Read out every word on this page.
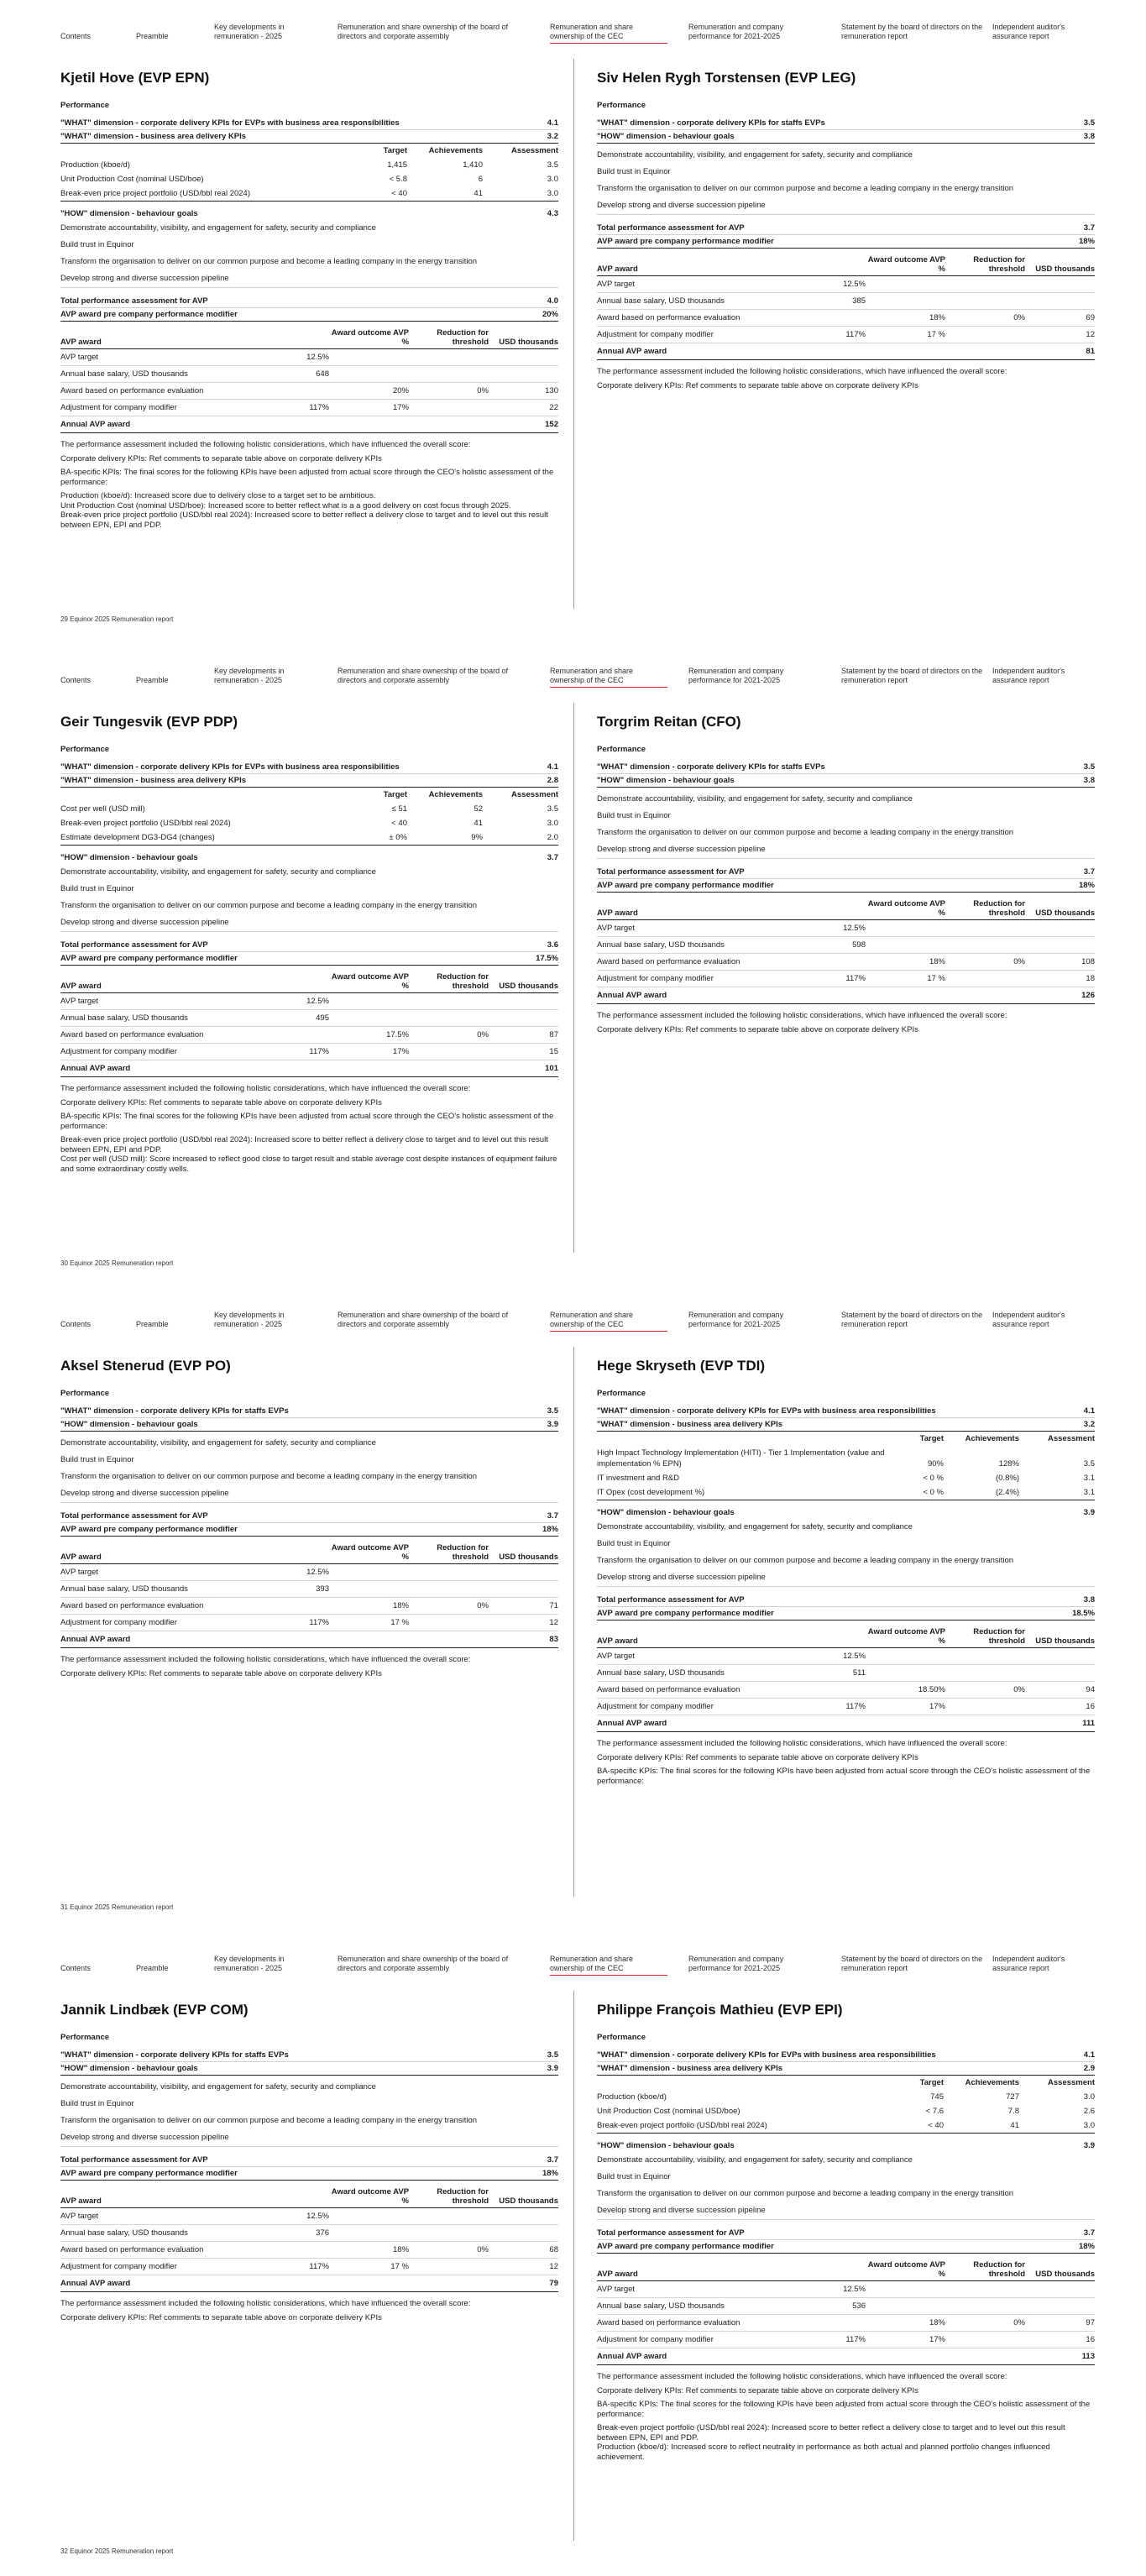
Contents	Preamble
Key developments in remuneration - 2025
Remuneration and share ownership of the board of directors and corporate assembly
Remuneration and share ownership of the CEC
Remuneration and company performance for 2021-2025
Statement by the board of directors on the remuneration report
Independent auditor's assurance report
Kjetil Hove (EVP EPN)
Performance
"WHAT" dimension - corporate delivery KPIs for EVPs with business area responsibilities	4.1
"WHAT" dimension - business area delivery KPIs	3.2
	Target	Achievements	Assessment
Production (kboe/d)	1,415	1,410	3.5
Unit Production Cost (nominal USD/boe)	< 5.8	6	3.0
Break-even price project portfolio (USD/bbl real 2024)	< 40	41	3.0
"HOW" dimension - behaviour goals	4.3
Demonstrate accountability, visibility, and engagement for safety, security and compliance
Build trust in Equinor
Transform the organisation to deliver on our common purpose and become a leading company in the energy transition
Develop strong and diverse succession pipeline
Total performance assessment for AVP	4.0
AVP award pre company performance modifier	20%
AVP award		Award outcome AVP %	Reduction for threshold	USD thousands
AVP target	12.5%			
Annual base salary, USD thousands	648			
Award based on performance evaluation		20%	0%	130
Adjustment for company modifier	117%	17%		22
Annual AVP award				152

The performance assessment included the following holistic considerations, which have influenced the overall score:

Corporate delivery KPIs: Ref comments to separate table above on corporate delivery KPIs

BA-specific KPIs: The final scores for the following KPIs have been adjusted from actual score through the CEO's holistic assessment of the performance:

Production (kboe/d): Increased score due to delivery close to a target set to be ambitious.

Unit Production Cost (nominal USD/boe): Increased score to better reflect what is a a good delivery on cost focus through 2025.

Break-even price project portfolio (USD/bbl real 2024): Increased score to better reflect a delivery close to target and to level out this result between EPN, EPI and PDP.

Siv Helen Rygh Torstensen (EVP LEG)
Performance
"WHAT" dimension - corporate delivery KPIs for staffs EVPs	3.5
"HOW" dimension - behaviour goals	3.8
Demonstrate accountability, visibility, and engagement for safety, security and compliance
Build trust in Equinor
Transform the organisation to deliver on our common purpose and become a leading company in the energy transition
Develop strong and diverse succession pipeline
Total performance assessment for AVP	3.7
AVP award pre company performance modifier	18%
AVP award		Award outcome AVP %	Reduction for threshold	USD thousands
AVP target	12.5%			
Annual base salary, USD thousands	385			
Award based on performance evaluation		18%	0%	69
Adjustment for company modifier	117%	17 %		12
Annual AVP award				81

The performance assessment included the following holistic considerations, which have influenced the overall score:

Corporate delivery KPIs: Ref comments to separate table above on corporate delivery KPIs

29 Equinor 2025 Remuneration report
Contents	Preamble
Key developments in remuneration - 2025
Remuneration and share ownership of the board of directors and corporate assembly
Remuneration and share ownership of the CEC
Remuneration and company performance for 2021-2025
Statement by the board of directors on the remuneration report
Independent auditor's assurance report
Geir Tungesvik (EVP PDP)
Performance
"WHAT" dimension - corporate delivery KPIs for EVPs with business area responsibilities	4.1
"WHAT" dimension - business area delivery KPIs	2.8
	Target	Achievements	Assessment
Cost per well (USD mill)	≤ 51	52	3.5
Break-even project portfolio (USD/bbl real 2024)	< 40	41	3.0
Estimate development DG3-DG4 (changes)	± 0%	9%	2.0
"HOW" dimension - behaviour goals	3.7
Demonstrate accountability, visibility, and engagement for safety, security and compliance
Build trust in Equinor
Transform the organisation to deliver on our common purpose and become a leading company in the energy transition
Develop strong and diverse succession pipeline
Total performance assessment for AVP	3.6
AVP award pre company performance modifier	17.5%
AVP award		Award outcome AVP %	Reduction for threshold	USD thousands
AVP target	12.5%			
Annual base salary, USD thousands	495			
Award based on performance evaluation		17.5%	0%	87
Adjustment for company modifier	117%	17%		15
Annual AVP award				101

The performance assessment included the following holistic considerations, which have influenced the overall score:

Corporate delivery KPIs: Ref comments to separate table above on corporate delivery KPIs

BA-specific KPIs: The final scores for the following KPIs have been adjusted from actual score through the CEO's holistic assessment of the performance:

Break-even price project portfolio (USD/bbl real 2024): Increased score to better reflect a delivery close to target and to level out this result between EPN, EPI and PDP.

Cost per well (USD mill): Score increased to reflect good close to target result and stable average cost despite instances of equipment failure and some extraordinary costly wells.

Torgrim Reitan (CFO)
Performance
"WHAT" dimension - corporate delivery KPIs for staffs EVPs	3.5
"HOW" dimension - behaviour goals	3.8
Demonstrate accountability, visibility, and engagement for safety, security and compliance
Build trust in Equinor
Transform the organisation to deliver on our common purpose and become a leading company in the energy transition
Develop strong and diverse succession pipeline
Total performance assessment for AVP	3.7
AVP award pre company performance modifier	18%
AVP award		Award outcome AVP %	Reduction for threshold	USD thousands
AVP target	12.5%			
Annual base salary, USD thousands	598			
Award based on performance evaluation		18%	0%	108
Adjustment for company modifier	117%	17 %		18
Annual AVP award				126

The performance assessment included the following holistic considerations, which have influenced the overall score:

Corporate delivery KPIs: Ref comments to separate table above on corporate delivery KPIs

30 Equinor 2025 Remuneration report
Contents	Preamble
Key developments in remuneration - 2025
Remuneration and share ownership of the board of directors and corporate assembly
Remuneration and share ownership of the CEC
Remuneration and company performance for 2021-2025
Statement by the board of directors on the remuneration report
Independent auditor's assurance report
Aksel Stenerud (EVP PO)
Performance
"WHAT" dimension - corporate delivery KPIs for staffs EVPs	3.5
"HOW" dimension - behaviour goals	3.9
Demonstrate accountability, visibility, and engagement for safety, security and compliance
Build trust in Equinor
Transform the organisation to deliver on our common purpose and become a leading company in the energy transition
Develop strong and diverse succession pipeline
Total performance assessment for AVP	3.7
AVP award pre company performance modifier	18%
AVP award		Award outcome AVP %	Reduction for threshold	USD thousands
AVP target	12.5%			
Annual base salary, USD thousands	393			
Award based on performance evaluation		18%	0%	71
Adjustment for company modifier	117%	17 %		12
Annual AVP award				83

The performance assessment included the following holistic considerations, which have influenced the overall score:

Corporate delivery KPIs: Ref comments to separate table above on corporate delivery KPIs

Hege Skryseth (EVP TDI)
Performance
"WHAT" dimension - corporate delivery KPIs for EVPs with business area responsibilities	4.1
"WHAT" dimension - business area delivery KPIs	3.2
	Target	Achievements	Assessment
High Impact Technology Implementation (HITI) - Tier 1 Implementation (value and implementation % EPN)	90%	128%	3.5
IT investment and R&D	< 0 %	(0.8%)	3.1
IT Opex (cost development %)	< 0 %	(2.4%)	3.1
"HOW" dimension - behaviour goals	3.9
Demonstrate accountability, visibility, and engagement for safety, security and compliance
Build trust in Equinor
Transform the organisation to deliver on our common purpose and become a leading company in the energy transition
Develop strong and diverse succession pipeline
Total performance assessment for AVP	3.8
AVP award pre company performance modifier	18.5%
AVP award		Award outcome AVP %	Reduction for threshold	USD thousands
AVP target	12.5%			
Annual base salary, USD thousands	511			
Award based on performance evaluation		18.50%	0%	94
Adjustment for company modifier	117%	17%		16
Annual AVP award				111

The performance assessment included the following holistic considerations, which have influenced the overall score:

Corporate delivery KPIs: Ref comments to separate table above on corporate delivery KPIs

BA-specific KPIs: The final scores for the following KPIs have been adjusted from actual score through the CEO's holistic assessment of the performance:

31 Equinor 2025 Remuneration report
Contents	Preamble
Key developments in remuneration - 2025
Remuneration and share ownership of the board of directors and corporate assembly
Remuneration and share ownership of the CEC
Remuneration and company performance for 2021-2025
Statement by the board of directors on the remuneration report
Independent auditor's assurance report
Jannik Lindbæk (EVP COM)
Performance
"WHAT" dimension - corporate delivery KPIs for staffs EVPs	3.5
"HOW" dimension - behaviour goals	3.9
Demonstrate accountability, visibility, and engagement for safety, security and compliance
Build trust in Equinor
Transform the organisation to deliver on our common purpose and become a leading company in the energy transition
Develop strong and diverse succession pipeline
Total performance assessment for AVP	3.7
AVP award pre company performance modifier	18%
AVP award		Award outcome AVP %	Reduction for threshold	USD thousands
AVP target	12.5%			
Annual base salary, USD thousands	376			
Award based on performance evaluation		18%	0%	68
Adjustment for company modifier	117%	17 %		12
Annual AVP award				79

The performance assessment included the following holistic considerations, which have influenced the overall score:

Corporate delivery KPIs: Ref comments to separate table above on corporate delivery KPIs

Philippe François Mathieu (EVP EPI)
Performance
"WHAT" dimension - corporate delivery KPIs for EVPs with business area responsibilities	4.1
"WHAT" dimension - business area delivery KPIs	2.9
	Target	Achievements	Assessment
Production (kboe/d)	745	727	3.0
Unit Production Cost (nominal USD/boe)	< 7.6	7.8	2.6
Break-even project portfolio (USD/bbl real 2024)	< 40	41	3.0
"HOW" dimension - behaviour goals	3.9
Demonstrate accountability, visibility, and engagement for safety, security and compliance
Build trust in Equinor
Transform the organisation to deliver on our common purpose and become a leading company in the energy transition
Develop strong and diverse succession pipeline
Total performance assessment for AVP	3.7
AVP award pre company performance modifier	18%
AVP award		Award outcome AVP %	Reduction for threshold	USD thousands
AVP target	12.5%			
Annual base salary, USD thousands	536			
Award based on performance evaluation		18%	0%	97
Adjustment for company modifier	117%	17%		16
Annual AVP award				113

The performance assessment included the following holistic considerations, which have influenced the overall score:

Corporate delivery KPIs: Ref comments to separate table above on corporate delivery KPIs

BA-specific KPIs: The final scores for the following KPIs have been adjusted from actual score through the CEO's holistic assessment of the performance:

Break-even project portfolio (USD/bbl real 2024): Increased score to better reflect a delivery close to target and to level out this result between EPN, EPI and PDP.

Production (kboe/d): Increased score to reflect neutrality in performance as both actual and planned portfolio changes influenced achievement.

32 Equinor 2025 Remuneration report
